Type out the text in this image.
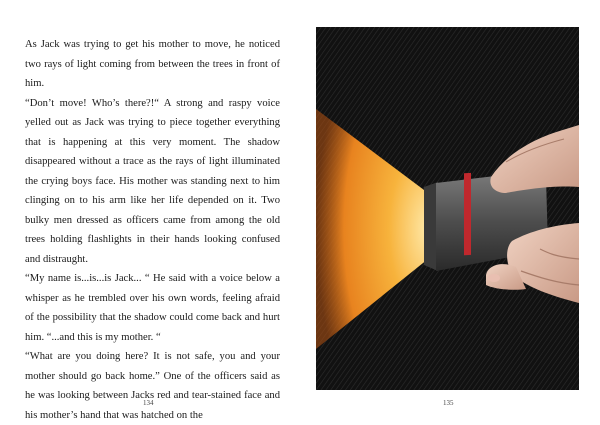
As Jack was trying to get his mother to move, he noticed two rays of light coming from between the trees in front of him.

“Don’t move! Who’s there?!“ A strong and raspy voice yelled out as Jack was trying to piece together everything that is happening at this very moment. The shadow disappeared without a trace as the rays of light illuminated the crying boys face. His mother was standing next to him clinging on to his arm like her life depended on it. Two bulky men dressed as officers came from among the old trees holding flashlights in their hands looking confused and distraught.

“My name is...is...is Jack... “ He said with a voice below a whisper as he trembled over his own words, feeling afraid of the possibility that the shadow could come back and hurt him. “...and this is my mother. “

“What are you doing here? It is not safe, you and your mother should go back home.” One of the officers said as he was looking between Jacks red and tear-stained face and his mother’s hand that was hatched on the

134	135
